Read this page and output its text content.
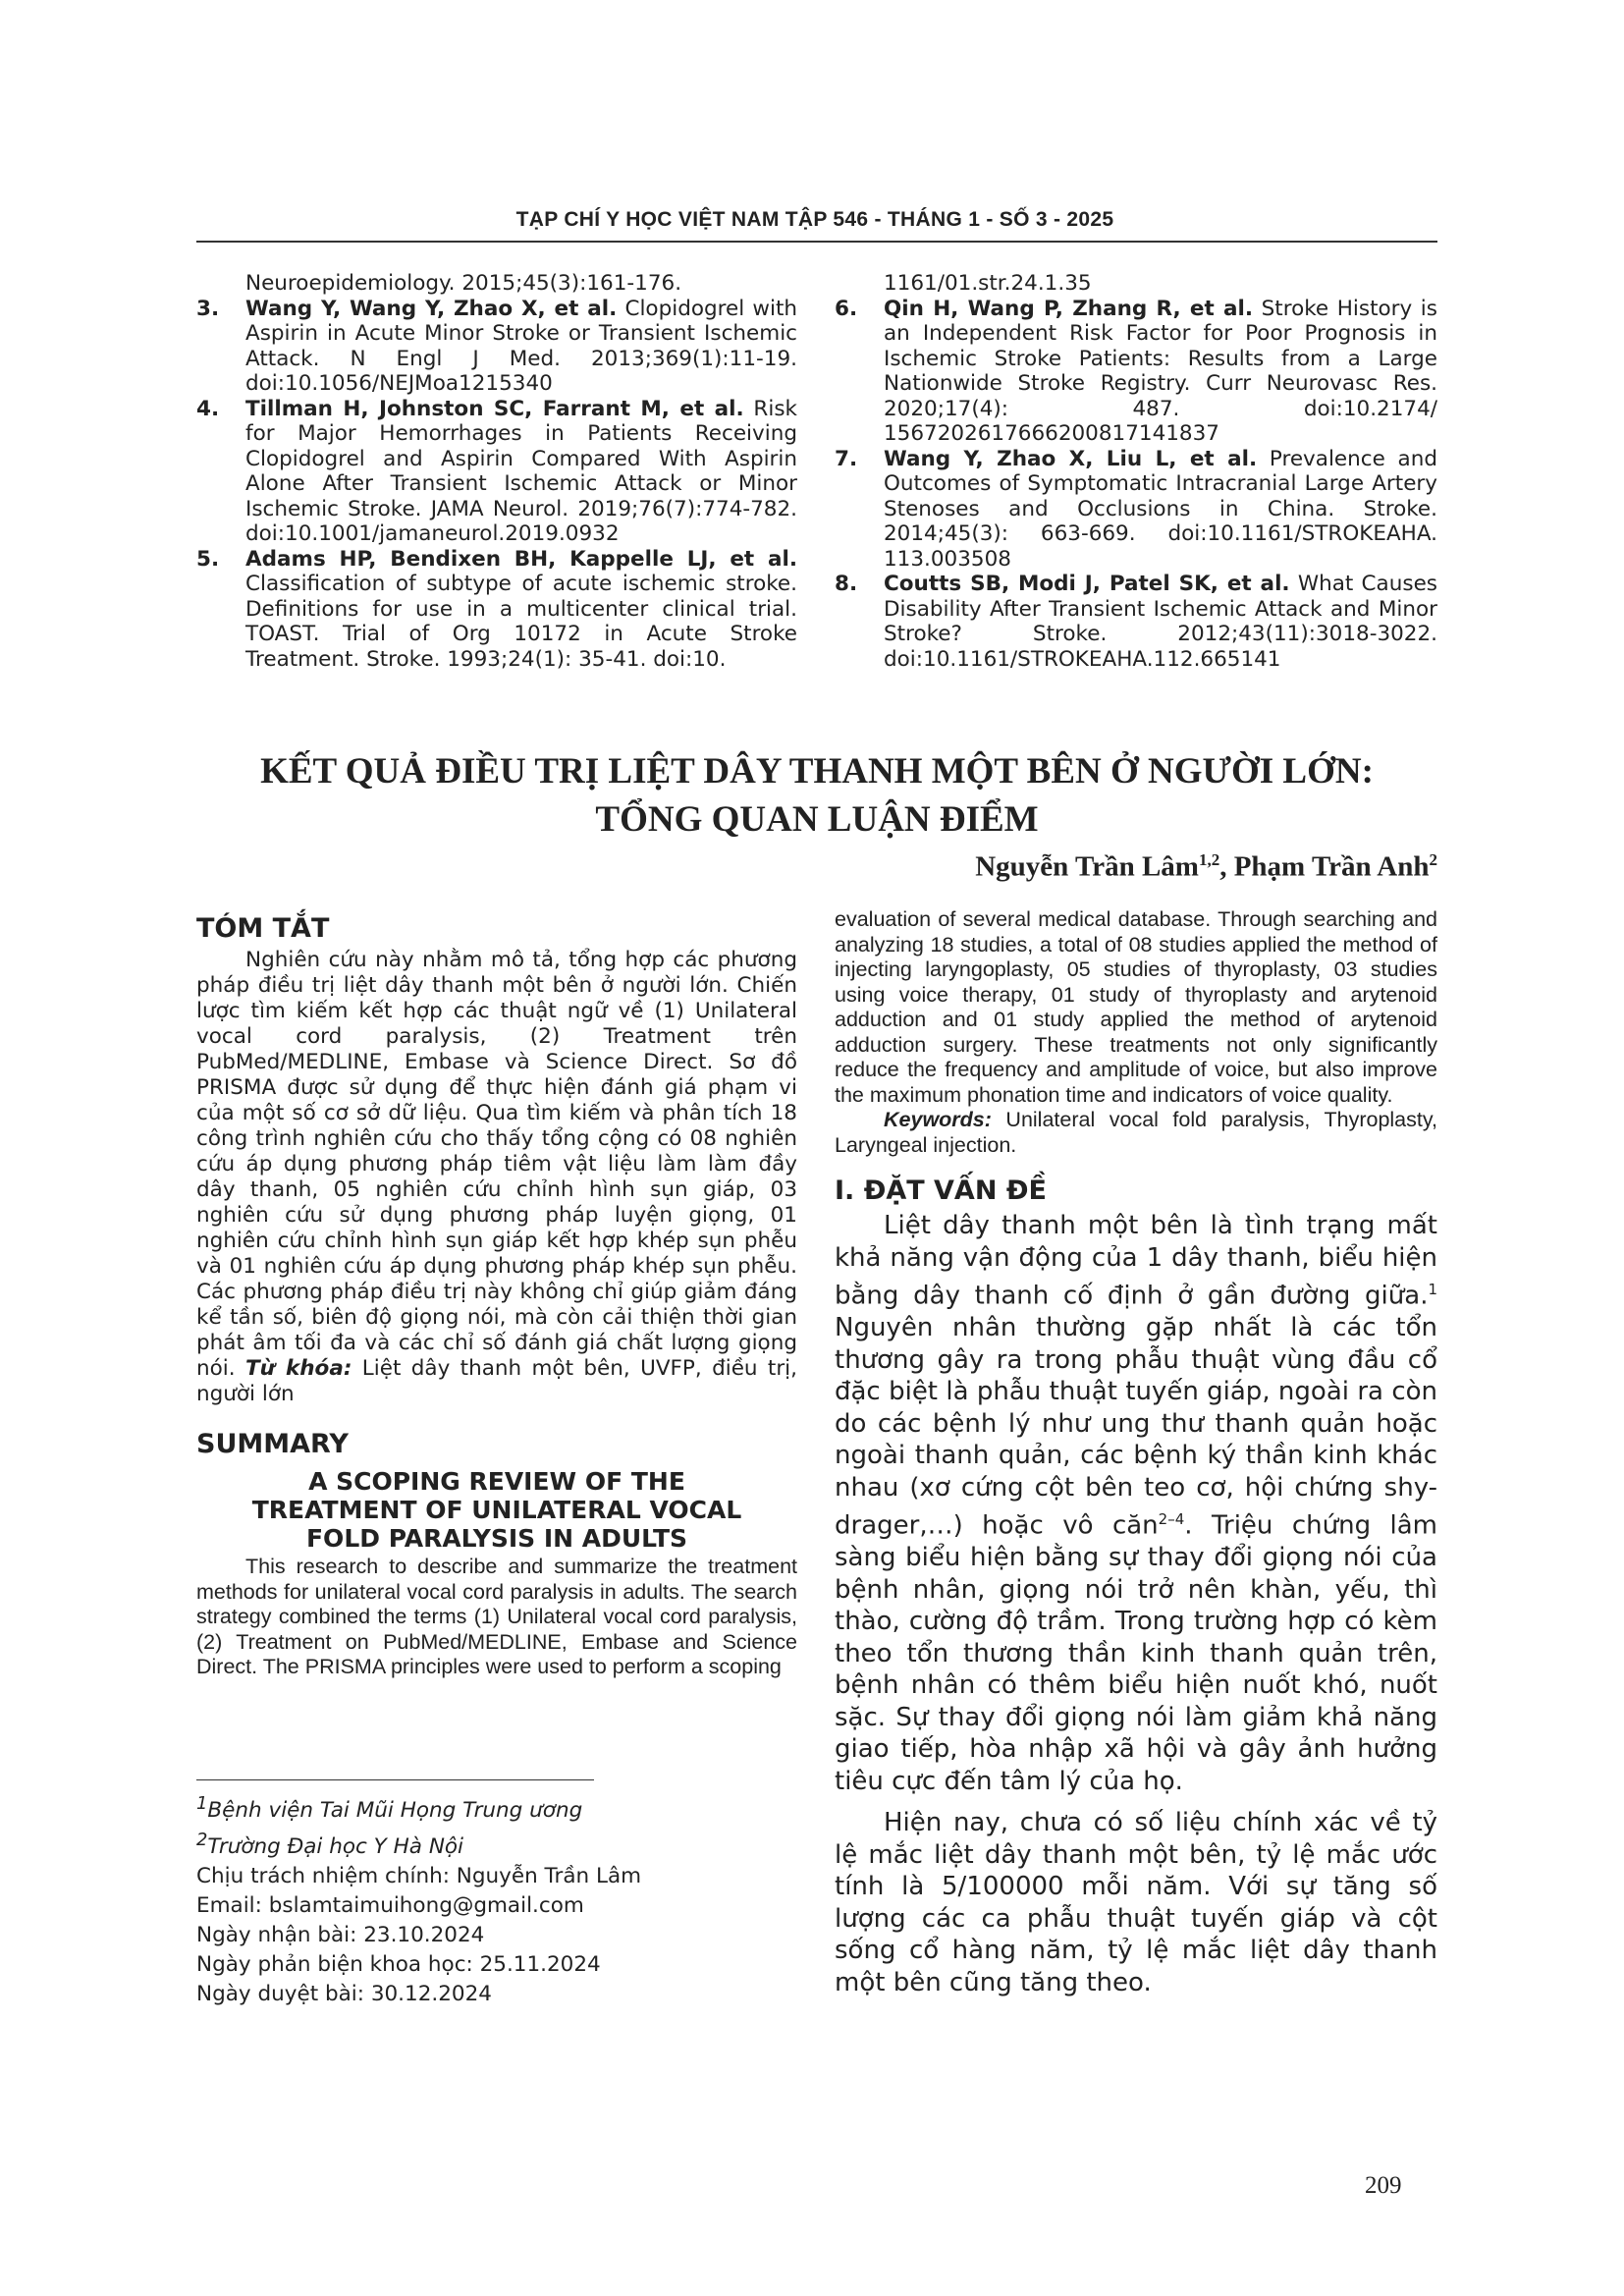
TẠP CHÍ Y HỌC VIỆT NAM TẬP 546 - THÁNG 1 - SỐ 3 - 2025
Neuroepidemiology. 2015;45(3):161-176.
3. Wang Y, Wang Y, Zhao X, et al. Clopidogrel with Aspirin in Acute Minor Stroke or Transient Ischemic Attack. N Engl J Med. 2013;369(1):11-19. doi:10.1056/NEJMoa1215340
4. Tillman H, Johnston SC, Farrant M, et al. Risk for Major Hemorrhages in Patients Receiving Clopidogrel and Aspirin Compared With Aspirin Alone After Transient Ischemic Attack or Minor Ischemic Stroke. JAMA Neurol. 2019;76(7):774-782. doi:10.1001/jamaneurol.2019.0932
5. Adams HP, Bendixen BH, Kappelle LJ, et al. Classification of subtype of acute ischemic stroke. Definitions for use in a multicenter clinical trial. TOAST. Trial of Org 10172 in Acute Stroke Treatment. Stroke. 1993;24(1): 35-41. doi:10.
1161/01.str.24.1.35
6. Qin H, Wang P, Zhang R, et al. Stroke History is an Independent Risk Factor for Poor Prognosis in Ischemic Stroke Patients: Results from a Large Nationwide Stroke Registry. Curr Neurovasc Res. 2020;17(4): 487. doi:10.2174/ 1567202617666200817141837
7. Wang Y, Zhao X, Liu L, et al. Prevalence and Outcomes of Symptomatic Intracranial Large Artery Stenoses and Occlusions in China. Stroke. 2014;45(3): 663-669. doi:10.1161/STROKEAHA. 113.003508
8. Coutts SB, Modi J, Patel SK, et al. What Causes Disability After Transient Ischemic Attack and Minor Stroke? Stroke. 2012;43(11):3018-3022. doi:10.1161/STROKEAHA.112.665141
KẾT QUẢ ĐIỀU TRỊ LIỆT DÂY THANH MỘT BÊN Ở NGƯỜI LỚN:
TỔNG QUAN LUẬN ĐIỂM
Nguyễn Trần Lâm$^{1,2}$, Phạm Trần Anh$^2$
TÓM TẮT
Nghiên cứu này nhằm mô tả, tổng hợp các phương pháp điều trị liệt dây thanh một bên ở người lớn. Chiến lược tìm kiếm kết hợp các thuật ngữ về (1) Unilateral vocal cord paralysis, (2) Treatment trên PubMed/MEDLINE, Embase và Science Direct. Sơ đồ PRISMA được sử dụng để thực hiện đánh giá phạm vi của một số cơ sở dữ liệu. Qua tìm kiếm và phân tích 18 công trình nghiên cứu cho thấy tổng cộng có 08 nghiên cứu áp dụng phương pháp tiêm vật liệu làm làm đầy dây thanh, 05 nghiên cứu chỉnh hình sụn giáp, 03 nghiên cứu sử dụng phương pháp luyện giọng, 01 nghiên cứu chỉnh hình sụn giáp kết hợp khép sụn phễu và 01 nghiên cứu áp dụng phương pháp khép sụn phễu. Các phương pháp điều trị này không chỉ giúp giảm đáng kể tần số, biên độ giọng nói, mà còn cải thiện thời gian phát âm tối đa và các chỉ số đánh giá chất lượng giọng nói. Từ khóa: Liệt dây thanh một bên, UVFP, điều trị, người lớn
SUMMARY
A SCOPING REVIEW OF THE TREATMENT OF UNILATERAL VOCAL FOLD PARALYSIS IN ADULTS
This research to describe and summarize the treatment methods for unilateral vocal cord paralysis in adults. The search strategy combined the terms (1) Unilateral vocal cord paralysis, (2) Treatment on PubMed/MEDLINE, Embase and Science Direct. The PRISMA principles were used to perform a scoping
$^1$Bệnh viện Tai Mũi Họng Trung ương
$^2$Trường Đại học Y Hà Nội
Chịu trách nhiệm chính: Nguyễn Trần Lâm
Email: bslamtaimuihong@gmail.com
Ngày nhận bài: 23.10.2024
Ngày phản biện khoa học: 25.11.2024
Ngày duyệt bài: 30.12.2024
evaluation of several medical database. Through searching and analyzing 18 studies, a total of 08 studies applied the method of injecting laryngoplasty, 05 studies of thyroplasty, 03 studies using voice therapy, 01 study of thyroplasty and arytenoid adduction and 01 study applied the method of arytenoid adduction surgery. These treatments not only significantly reduce the frequency and amplitude of voice, but also improve the maximum phonation time and indicators of voice quality.
Keywords: Unilateral vocal fold paralysis, Thyroplasty, Laryngeal injection.
I. ĐẶT VẤN ĐỀ
Liệt dây thanh một bên là tình trạng mất khả năng vận động của 1 dây thanh, biểu hiện bằng dây thanh cố định ở gần đường giữa.$^1$ Nguyên nhân thường gặp nhất là các tổn thương gây ra trong phẫu thuật vùng đầu cổ đặc biệt là phẫu thuật tuyến giáp, ngoài ra còn do các bệnh lý như ung thư thanh quản hoặc ngoài thanh quản, các bệnh ký thần kinh khác nhau (xơ cứng cột bên teo cơ, hội chứng shy-drager,…) hoặc vô căn$^{2-4}$. Triệu chứng lâm sàng biểu hiện bằng sự thay đổi giọng nói của bệnh nhân, giọng nói trở nên khàn, yếu, thì thào, cường độ trầm. Trong trường hợp có kèm theo tổn thương thần kinh thanh quản trên, bệnh nhân có thêm biểu hiện nuốt khó, nuốt sặc. Sự thay đổi giọng nói làm giảm khả năng giao tiếp, hòa nhập xã hội và gây ảnh hưởng tiêu cực đến tâm lý của họ.
Hiện nay, chưa có số liệu chính xác về tỷ lệ mắc liệt dây thanh một bên, tỷ lệ mắc ước tính là 5/100000 mỗi năm. Với sự tăng số lượng các ca phẫu thuật tuyến giáp và cột sống cổ hàng năm, tỷ lệ mắc liệt dây thanh một bên cũng tăng theo.
209
